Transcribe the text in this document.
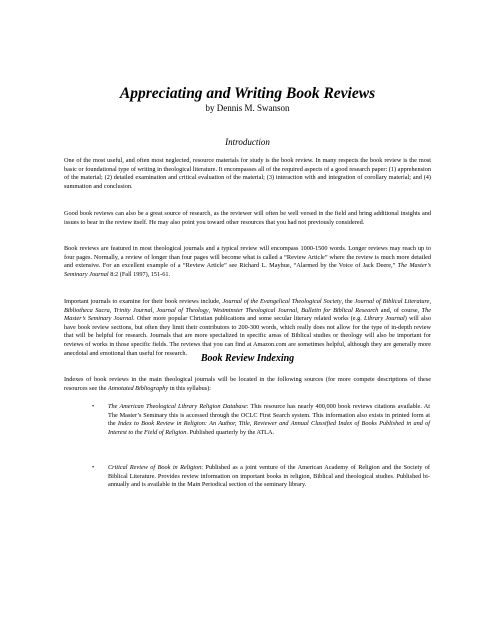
Appreciating and Writing Book Reviews
by Dennis M. Swanson
Introduction
One of the most useful, and often most neglected, resource materials for study is the book review. In many respects the book review is the most basic or foundational type of writing in theological literature. It encompasses all of the required aspects of a good research paper: (1) apprehension of the material; (2) detailed examination and critical evaluation of the material; (3) interaction with and integration of corollary material; and (4) summation and conclusion.
Good book reviews can also be a great source of research, as the reviewer will often be well versed in the field and bring additional insights and issues to bear in the review itself. He may also point you toward other resources that you had not previously considered.
Book reviews are featured in most theological journals and a typical review will encompass 1000-1500 words. Longer reviews may reach up to four pages. Normally, a review of longer than four pages will become what is called a “Review Article” where the review is much more detailed and extensive. For an excellent example of a “Review Article” see Richard L. Mayhue, “Alarmed by the Voice of Jack Deere,” The Master’s Seminary Journal 8:2 (Fall 1997), 151-61.
Important journals to examine for their book reviews include, Journal of the Evangelical Theological Society, the Journal of Biblical Literature, Bibliotheca Sacra, Trinity Journal, Journal of Theology, Westminster Theological Journal, Bulletin for Biblical Research and, of course, The Master’s Seminary Journal. Other more popular Christian publications and some secular literary related works (e.g. Library Journal) will also have book review sections, but often they limit their contributors to 200-300 words, which really does not allow for the type of in-depth review that will be helpful for research. Journals that are more specialized in specific areas of Biblical studies or theology will also be important for reviews of works in those specific fields. The reviews that you can find at Amazon.com are sometimes helpful, although they are generally more anecdotal and emotional than useful for research.	Book Review Indexing
Indexes of book reviews in the main theological journals will be located in the following sources (for more compete descriptions of these resources see the Annotated Bibliography in this syllabus):
•	The American Theological Library Religion Database: This resource has nearly 400,000 book reviews citations available. At The Master’s Seminary this is accessed through the OCLC First Search system. This information also exists in printed form at the Index to Book Review in Religion: An Author, Title, Reviewer and Annual Classified Index of Books Published in and of Interest to the Field of Religion. Published quarterly by the ATLA.
•	Critical Review of Book in Religion: Published as a joint venture of the American Academy of Religion and the Society of Biblical Literature. Provides review information on important books in religion, Biblical and theological studies. Published bi-annually and is available in the Main Periodical section of the seminary library.
